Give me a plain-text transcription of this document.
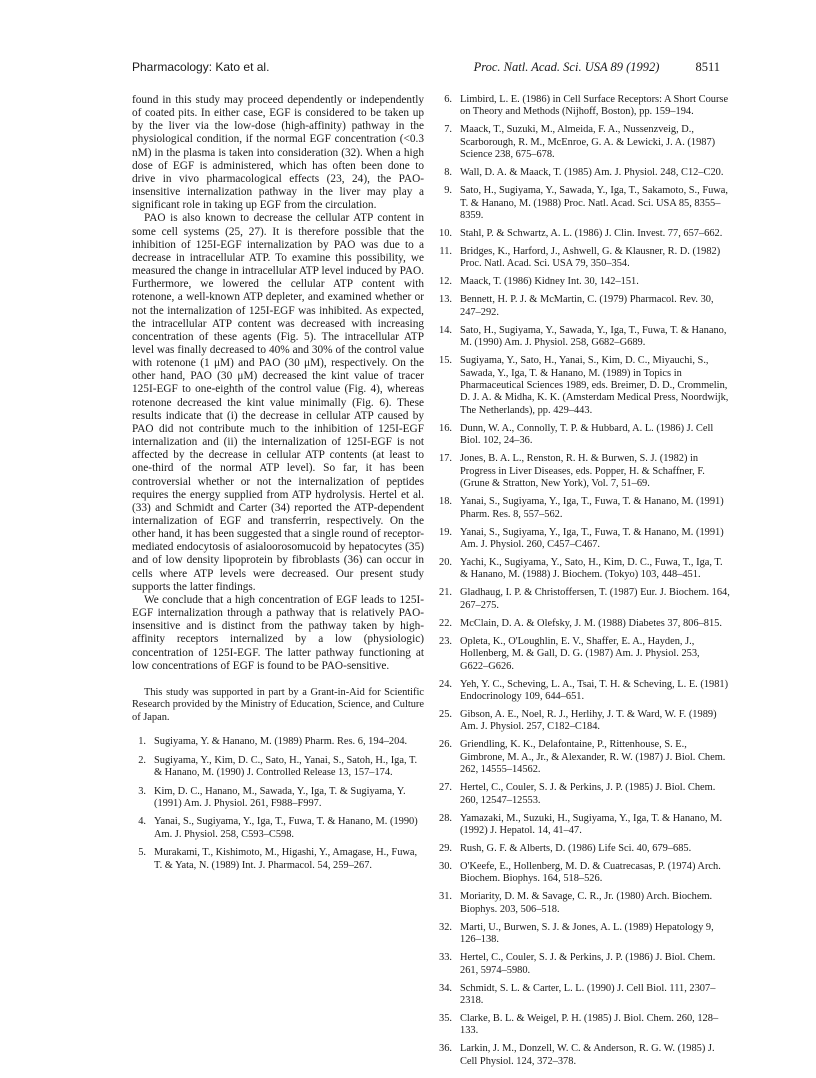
Pharmacology: Kato et al.	Proc. Natl. Acad. Sci. USA 89 (1992)	8511

found in this study may proceed dependently or independently of coated pits. In either case, EGF is considered to be taken up by the liver via the low-dose (high-affinity) pathway in the physiological condition, if the normal EGF concentration (<0.3 nM) in the plasma is taken into consideration (32). When a high dose of EGF is administered, which has often been done to drive in vivo pharmacological effects (23, 24), the PAO-insensitive internalization pathway in the liver may play a significant role in taking up EGF from the circulation.

PAO is also known to decrease the cellular ATP content in some cell systems (25, 27). It is therefore possible that the inhibition of 125I-EGF internalization by PAO was due to a decrease in intracellular ATP. To examine this possibility, we measured the change in intracellular ATP level induced by PAO. Furthermore, we lowered the cellular ATP content with rotenone, a well-known ATP depleter, and examined whether or not the internalization of 125I-EGF was inhibited. As expected, the intracellular ATP content was decreased with increasing concentration of these agents (Fig. 5). The intracellular ATP level was finally decreased to 40% and 30% of the control value with rotenone (1 μM) and PAO (30 μM), respectively. On the other hand, PAO (30 μM) decreased the kint value of tracer 125I-EGF to one-eighth of the control value (Fig. 4), whereas rotenone decreased the kint value minimally (Fig. 6). These results indicate that (i) the decrease in cellular ATP caused by PAO did not contribute much to the inhibition of 125I-EGF internalization and (ii) the internalization of 125I-EGF is not affected by the decrease in cellular ATP contents (at least to one-third of the normal ATP level). So far, it has been controversial whether or not the internalization of peptides requires the energy supplied from ATP hydrolysis. Hertel et al. (33) and Schmidt and Carter (34) reported the ATP-dependent internalization of EGF and transferrin, respectively. On the other hand, it has been suggested that a single round of receptor-mediated endocytosis of asialoorosomucoid by hepatocytes (35) and of low density lipoprotein by fibroblasts (36) can occur in cells where ATP levels were decreased. Our present study supports the latter findings.

We conclude that a high concentration of EGF leads to 125I-EGF internalization through a pathway that is relatively PAO-insensitive and is distinct from the pathway taken by high-affinity receptors internalized by a low (physiologic) concentration of 125I-EGF. The latter pathway functioning at low concentrations of EGF is found to be PAO-sensitive.

This study was supported in part by a Grant-in-Aid for Scientific Research provided by the Ministry of Education, Science, and Culture of Japan.
1. Sugiyama, Y. & Hanano, M. (1989) Pharm. Res. 6, 194–204.
2. Sugiyama, Y., Kim, D. C., Sato, H., Yanai, S., Satoh, H., Iga, T. & Hanano, M. (1990) J. Controlled Release 13, 157–174.
3. Kim, D. C., Hanano, M., Sawada, Y., Iga, T. & Sugiyama, Y. (1991) Am. J. Physiol. 261, F988–F997.
4. Yanai, S., Sugiyama, Y., Iga, T., Fuwa, T. & Hanano, M. (1990) Am. J. Physiol. 258, C593–C598.
5. Murakami, T., Kishimoto, M., Higashi, Y., Amagase, H., Fuwa, T. & Yata, N. (1989) Int. J. Pharmacol. 54, 259–267.
6. Limbird, L. E. (1986) in Cell Surface Receptors: A Short Course on Theory and Methods (Nijhoff, Boston), pp. 159–194.
7. Maack, T., Suzuki, M., Almeida, F. A., Nussenzveig, D., Scarborough, R. M., McEnroe, G. A. & Lewicki, J. A. (1987) Science 238, 675–678.
8. Wall, D. A. & Maack, T. (1985) Am. J. Physiol. 248, C12–C20.
9. Sato, H., Sugiyama, Y., Sawada, Y., Iga, T., Sakamoto, S., Fuwa, T. & Hanano, M. (1988) Proc. Natl. Acad. Sci. USA 85, 8355–8359.
10. Stahl, P. & Schwartz, A. L. (1986) J. Clin. Invest. 77, 657–662.
11. Bridges, K., Harford, J., Ashwell, G. & Klausner, R. D. (1982) Proc. Natl. Acad. Sci. USA 79, 350–354.
12. Maack, T. (1986) Kidney Int. 30, 142–151.
13. Bennett, H. P. J. & McMartin, C. (1979) Pharmacol. Rev. 30, 247–292.
14. Sato, H., Sugiyama, Y., Sawada, Y., Iga, T., Fuwa, T. & Hanano, M. (1990) Am. J. Physiol. 258, G682–G689.
15. Sugiyama, Y., Sato, H., Yanai, S., Kim, D. C., Miyauchi, S., Sawada, Y., Iga, T. & Hanano, M. (1989) in Topics in Pharmaceutical Sciences 1989, eds. Breimer, D. D., Crommelin, D. J. A. & Midha, K. K. (Amsterdam Medical Press, Noordwijk, The Netherlands), pp. 429–443.
16. Dunn, W. A., Connolly, T. P. & Hubbard, A. L. (1986) J. Cell Biol. 102, 24–36.
17. Jones, B. A. L., Renston, R. H. & Burwen, S. J. (1982) in Progress in Liver Diseases, eds. Popper, H. & Schaffner, F. (Grune & Stratton, New York), Vol. 7, 51–69.
18. Yanai, S., Sugiyama, Y., Iga, T., Fuwa, T. & Hanano, M. (1991) Pharm. Res. 8, 557–562.
19. Yanai, S., Sugiyama, Y., Iga, T., Fuwa, T. & Hanano, M. (1991) Am. J. Physiol. 260, C457–C467.
20. Yachi, K., Sugiyama, Y., Sato, H., Kim, D. C., Fuwa, T., Iga, T. & Hanano, M. (1988) J. Biochem. (Tokyo) 103, 448–451.
21. Gladhaug, I. P. & Christoffersen, T. (1987) Eur. J. Biochem. 164, 267–275.
22. McClain, D. A. & Olefsky, J. M. (1988) Diabetes 37, 806–815.
23. Opleta, K., O'Loughlin, E. V., Shaffer, E. A., Hayden, J., Hollenberg, M. & Gall, D. G. (1987) Am. J. Physiol. 253, G622–G626.
24. Yeh, Y. C., Scheving, L. A., Tsai, T. H. & Scheving, L. E. (1981) Endocrinology 109, 644–651.
25. Gibson, A. E., Noel, R. J., Herlihy, J. T. & Ward, W. F. (1989) Am. J. Physiol. 257, C182–C184.
26. Griendling, K. K., Delafontaine, P., Rittenhouse, S. E., Gimbrone, M. A., Jr., & Alexander, R. W. (1987) J. Biol. Chem. 262, 14555–14562.
27. Hertel, C., Couler, S. J. & Perkins, J. P. (1985) J. Biol. Chem. 260, 12547–12553.
28. Yamazaki, M., Suzuki, H., Sugiyama, Y., Iga, T. & Hanano, M. (1992) J. Hepatol. 14, 41–47.
29. Rush, G. F. & Alberts, D. (1986) Life Sci. 40, 679–685.
30. O'Keefe, E., Hollenberg, M. D. & Cuatrecasas, P. (1974) Arch. Biochem. Biophys. 164, 518–526.
31. Moriarity, D. M. & Savage, C. R., Jr. (1980) Arch. Biochem. Biophys. 203, 506–518.
32. Marti, U., Burwen, S. J. & Jones, A. L. (1989) Hepatology 9, 126–138.
33. Hertel, C., Couler, S. J. & Perkins, J. P. (1986) J. Biol. Chem. 261, 5974–5980.
34. Schmidt, S. L. & Carter, L. L. (1990) J. Cell Biol. 111, 2307–2318.
35. Clarke, B. L. & Weigel, P. H. (1985) J. Biol. Chem. 260, 128–133.
36. Larkin, J. M., Donzell, W. C. & Anderson, R. G. W. (1985) J. Cell Physiol. 124, 372–378.
